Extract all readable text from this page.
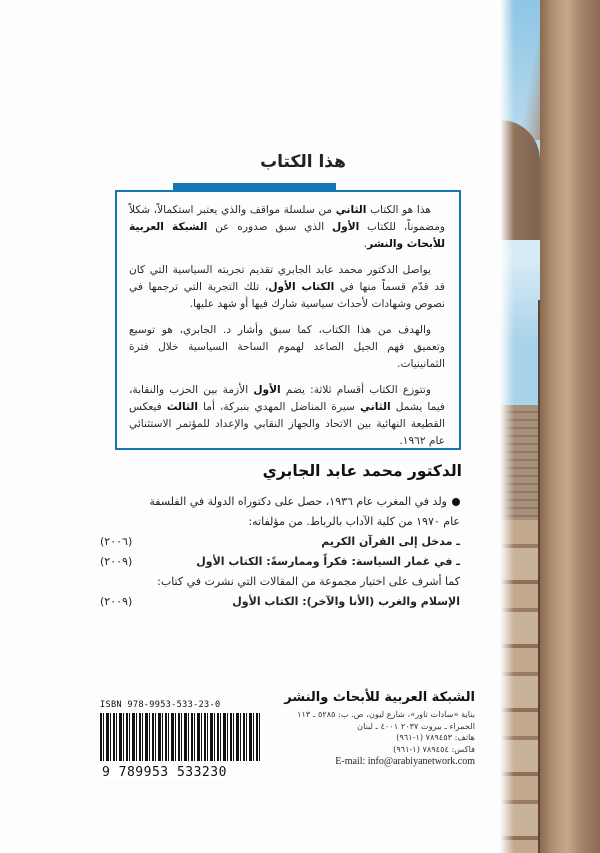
هذا الكتاب

هذا هو الكتاب الثاني من سلسلة مواقف والذي يعتبر استكمالاً، شكلاً ومضموناً، للكتاب الأول الذي سبق صدوره عن الشبكة العربية للأبحاث والنشر.

يواصل الدكتور محمد عابد الجابري تقديم تجربته السياسية التي كان قد قدّم قسماً منها في الكتاب الأول، تلك التجربة التي ترجمها في نصوص وشهادات لأحداث سياسية شارك فيها أو شهد عليها.

والهدف من هذا الكتاب، كما سبق وأشار د. الجابري، هو توسيع وتعميق فهم الجيل الصاعد لهموم الساحة السياسية خلال فترة الثمانينيات.

وتتوزع الكتاب أقسام ثلاثة: يضم الأول الأزمة بين الحزب والنقابة، فيما يشمل الثاني سيرة المناضل المهدي بنبركة، أما الثالث فيعكس القطيعة النهائية بين الاتحاد والجهاز النقابي والإعداد للمؤتمر الاستثنائي عام ١٩٦٢.

الدكتور محمد عابد الجابري
ولد في المغرب عام ١٩٣٦، حصل على دكتوراه الدولة في الفلسفة
عام ١٩٧٠ من كلية الآداب بالرباط. من مؤلفاته:
ـ مدخل إلى القرآن الكريم
(٢٠٠٦)
ـ في غمار السياسة: فكراً وممارسةً: الكتاب الأول
(٢٠٠٩)
كما أشرف على اختيار مجموعة من المقالات التي نشرت في كتاب:
الإسلام والغرب (الأنا والآخر): الكتاب الأول
(٢٠٠٩)
الشبكة العربية للأبحاث والنشر
بناية «سادات تاور»، شارع ليون، ص. ب: ٥٢٨٥ ـ ١١٣
الحمراء ـ بيروت ٢٠٣٧ ٤٠٠١ ـ لبنان
هاتف: ٧٨٩٤٥٣ (١-٩٦١)
فاكس: ٧٨٩٤٥٤ (١-٩٦١)
E-mail: info@arabiyanetwork.com
ISBN 978-9953-533-23-0
9 789953 533230
